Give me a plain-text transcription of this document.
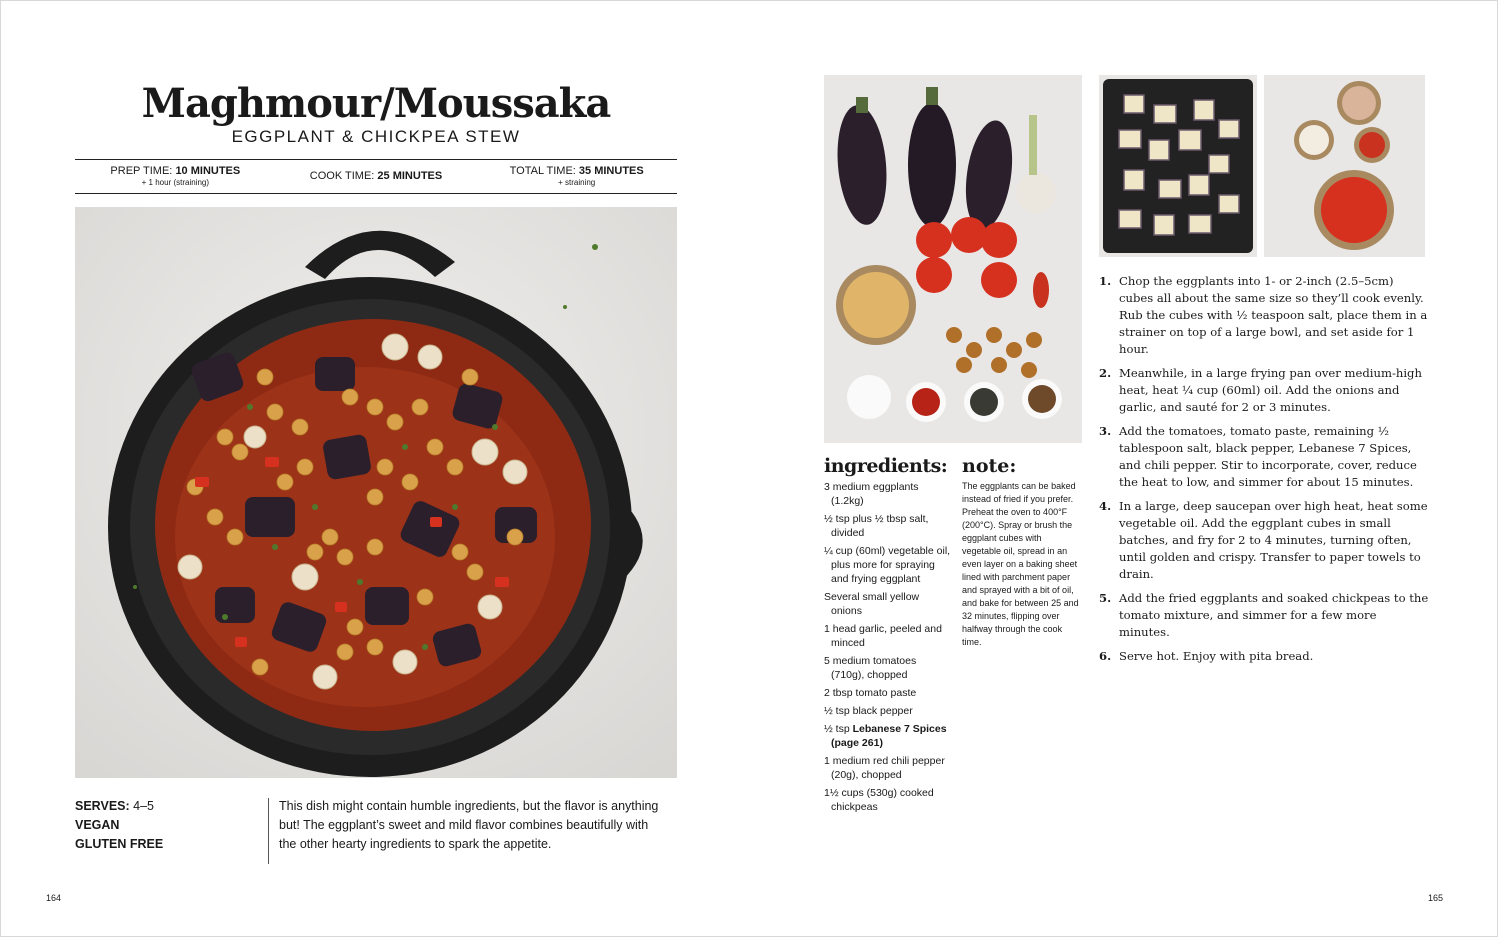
Maghmour/Moussaka
EGGPLANT & CHICKPEA STEW
PREP TIME: 10 MINUTES
+ 1 hour (straining)
COOK TIME: 25 MINUTES	TOTAL TIME: 35 MINUTES
+ straining
SERVES: 4–5
VEGAN
GLUTEN FREE
This dish might contain humble ingredients, but the flavor is anything but! The eggplant’s sweet and mild flavor combines beautifully with the other hearty ingredients to spark the appetite.
164
ingredients:
3 medium eggplants (1.2kg)
½ tsp plus ½ tbsp salt, divided
¼ cup (60ml) vegetable oil, plus more for spraying and frying eggplant
Several small yellow onions
1 head garlic, peeled and minced
5 medium tomatoes (710g), chopped
2 tbsp tomato paste
½ tsp black pepper
½ tsp Lebanese 7 Spices (page 261)
1 medium red chili pepper (20g), chopped
1½ cups (530g) cooked chickpeas
note:
The eggplants can be baked instead of fried if you prefer. Preheat the oven to 400°F (200°C). Spray or brush the eggplant cubes with vegetable oil, spread in an even layer on a baking sheet lined with parchment paper and sprayed with a bit of oil, and bake for between 25 and 32 minutes, flipping over halfway through the cook time.
1. Chop the eggplants into 1- or 2-inch (2.5–5cm) cubes all about the same size so they’ll cook evenly. Rub the cubes with ½ teaspoon salt, place them in a strainer on top of a large bowl, and set aside for 1 hour.
2. Meanwhile, in a large frying pan over medium-high heat, heat ¼ cup (60ml) oil. Add the onions and garlic, and sauté for 2 or 3 minutes.
3. Add the tomatoes, tomato paste, remaining ½ tablespoon salt, black pepper, Lebanese 7 Spices, and chili pepper. Stir to incorporate, cover, reduce the heat to low, and simmer for about 15 minutes.
4. In a large, deep saucepan over high heat, heat some vegetable oil. Add the eggplant cubes in small batches, and fry for 2 to 4 minutes, turning often, until golden and crispy. Transfer to paper towels to drain.
5. Add the fried eggplants and soaked chickpeas to the tomato mixture, and simmer for a few more minutes.
6. Serve hot. Enjoy with pita bread.
165
